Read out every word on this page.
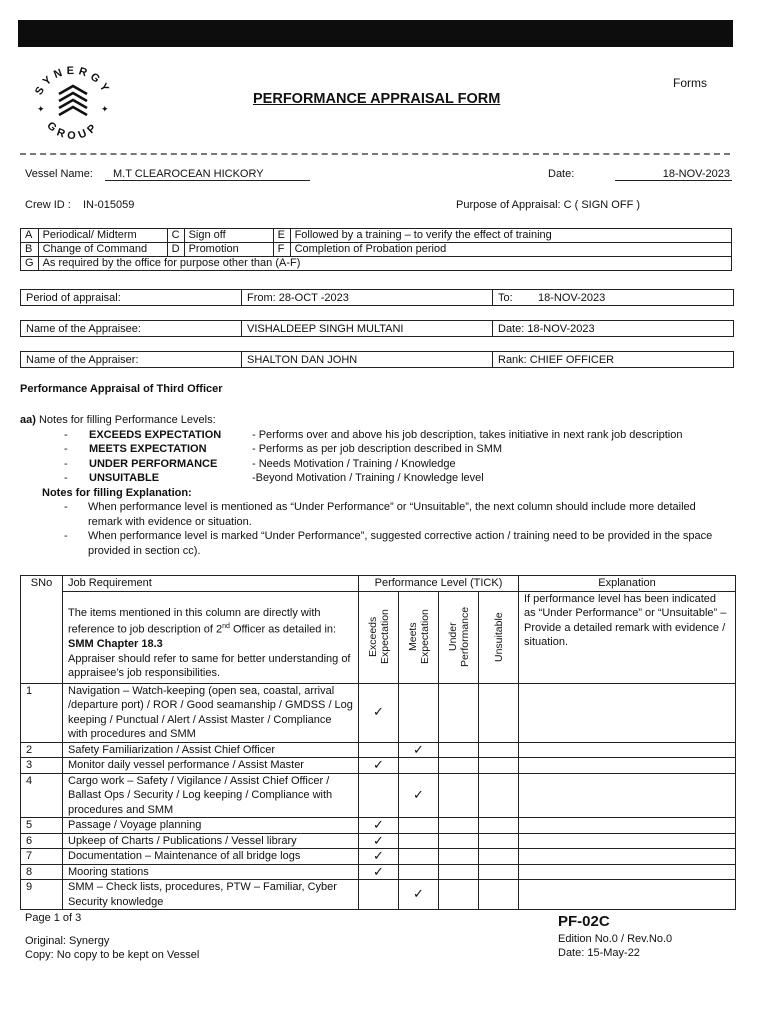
SYNERGY
GROUP
✦	✦
PERFORMANCE APPRAISAL FORM
Forms
Vessel Name:	M.T CLEAROCEAN HICKORY	Date:	18-NOV-2023
Crew ID : IN-015059	Purpose of Appraisal: C ( SIGN OFF )
A	Periodical/ Midterm	C	Sign off	E	Followed by a training – to verify the effect of training
B	Change of Command	D	Promotion	F	Completion of Probation period
G	As required by the office for purpose other than (A-F)				
Period of appraisal:	From: 28-OCT -2023	To:	18-NOV-2023
Name of the Appraisee:	VISHALDEEP SINGH MULTANI	Date: 18-NOV-2023
Name of the Appraiser:	SHALTON DAN JOHN	Rank: CHIEF OFFICER
Performance Appraisal of Third Officer
aa) Notes for filling Performance Levels:
- EXCEEDS EXPECTATION	- Performs over and above his job description, takes initiative in next rank job description
- MEETS EXPECTATION	- Performs as per job description described in SMM
- UNDER PERFORMANCE	- Needs Motivation / Training / Knowledge
- UNSUITABLE	-Beyond Motivation / Training / Knowledge level
Notes for filling Explanation:
- When performance level is mentioned as “Under Performance” or “Unsuitable”, the next column should include more detailed remark with evidence or situation.
- When performance level is marked “Under Performance”, suggested corrective action / training need to be provided in the space provided in section cc).
SNo	Job Requirement	Performance Level (TICK)				Explanation
	The items mentioned in this column are directly with reference to job description of 2nd Officer as detailed in: SMM Chapter 18.3
Appraiser should refer to same for better understanding of appraisee’s job responsibilities.	Exceeds Expectation	Meets Expectation	Under Performance	Unsuitable	If performance level has been indicated as “Under Performance” or “Unsuitable” – Provide a detailed remark with evidence / situation.
1	Navigation – Watch-keeping (open sea, coastal, arrival /departure port) / ROR / Good seamanship / GMDSS / Log keeping / Punctual / Alert / Assist Master / Compliance with procedures and SMM	✓				
2	Safety Familiarization / Assist Chief Officer		✓			
3	Monitor daily vessel performance / Assist Master	✓				
4	Cargo work – Safety / Vigilance / Assist Chief Officer / Ballast Ops / Security / Log keeping / Compliance with procedures and SMM		✓			
5	Passage / Voyage planning	✓				
6	Upkeep of Charts / Publications / Vessel library	✓				
7	Documentation – Maintenance of all bridge logs	✓				
8	Mooring stations	✓				
9	SMM – Check lists, procedures, PTW – Familiar, Cyber Security knowledge		✓			
Page 1 of 3
Original: Synergy
Copy: No copy to be kept on Vessel
PF-02C
Edition No.0 / Rev.No.0
Date: 15-May-22
